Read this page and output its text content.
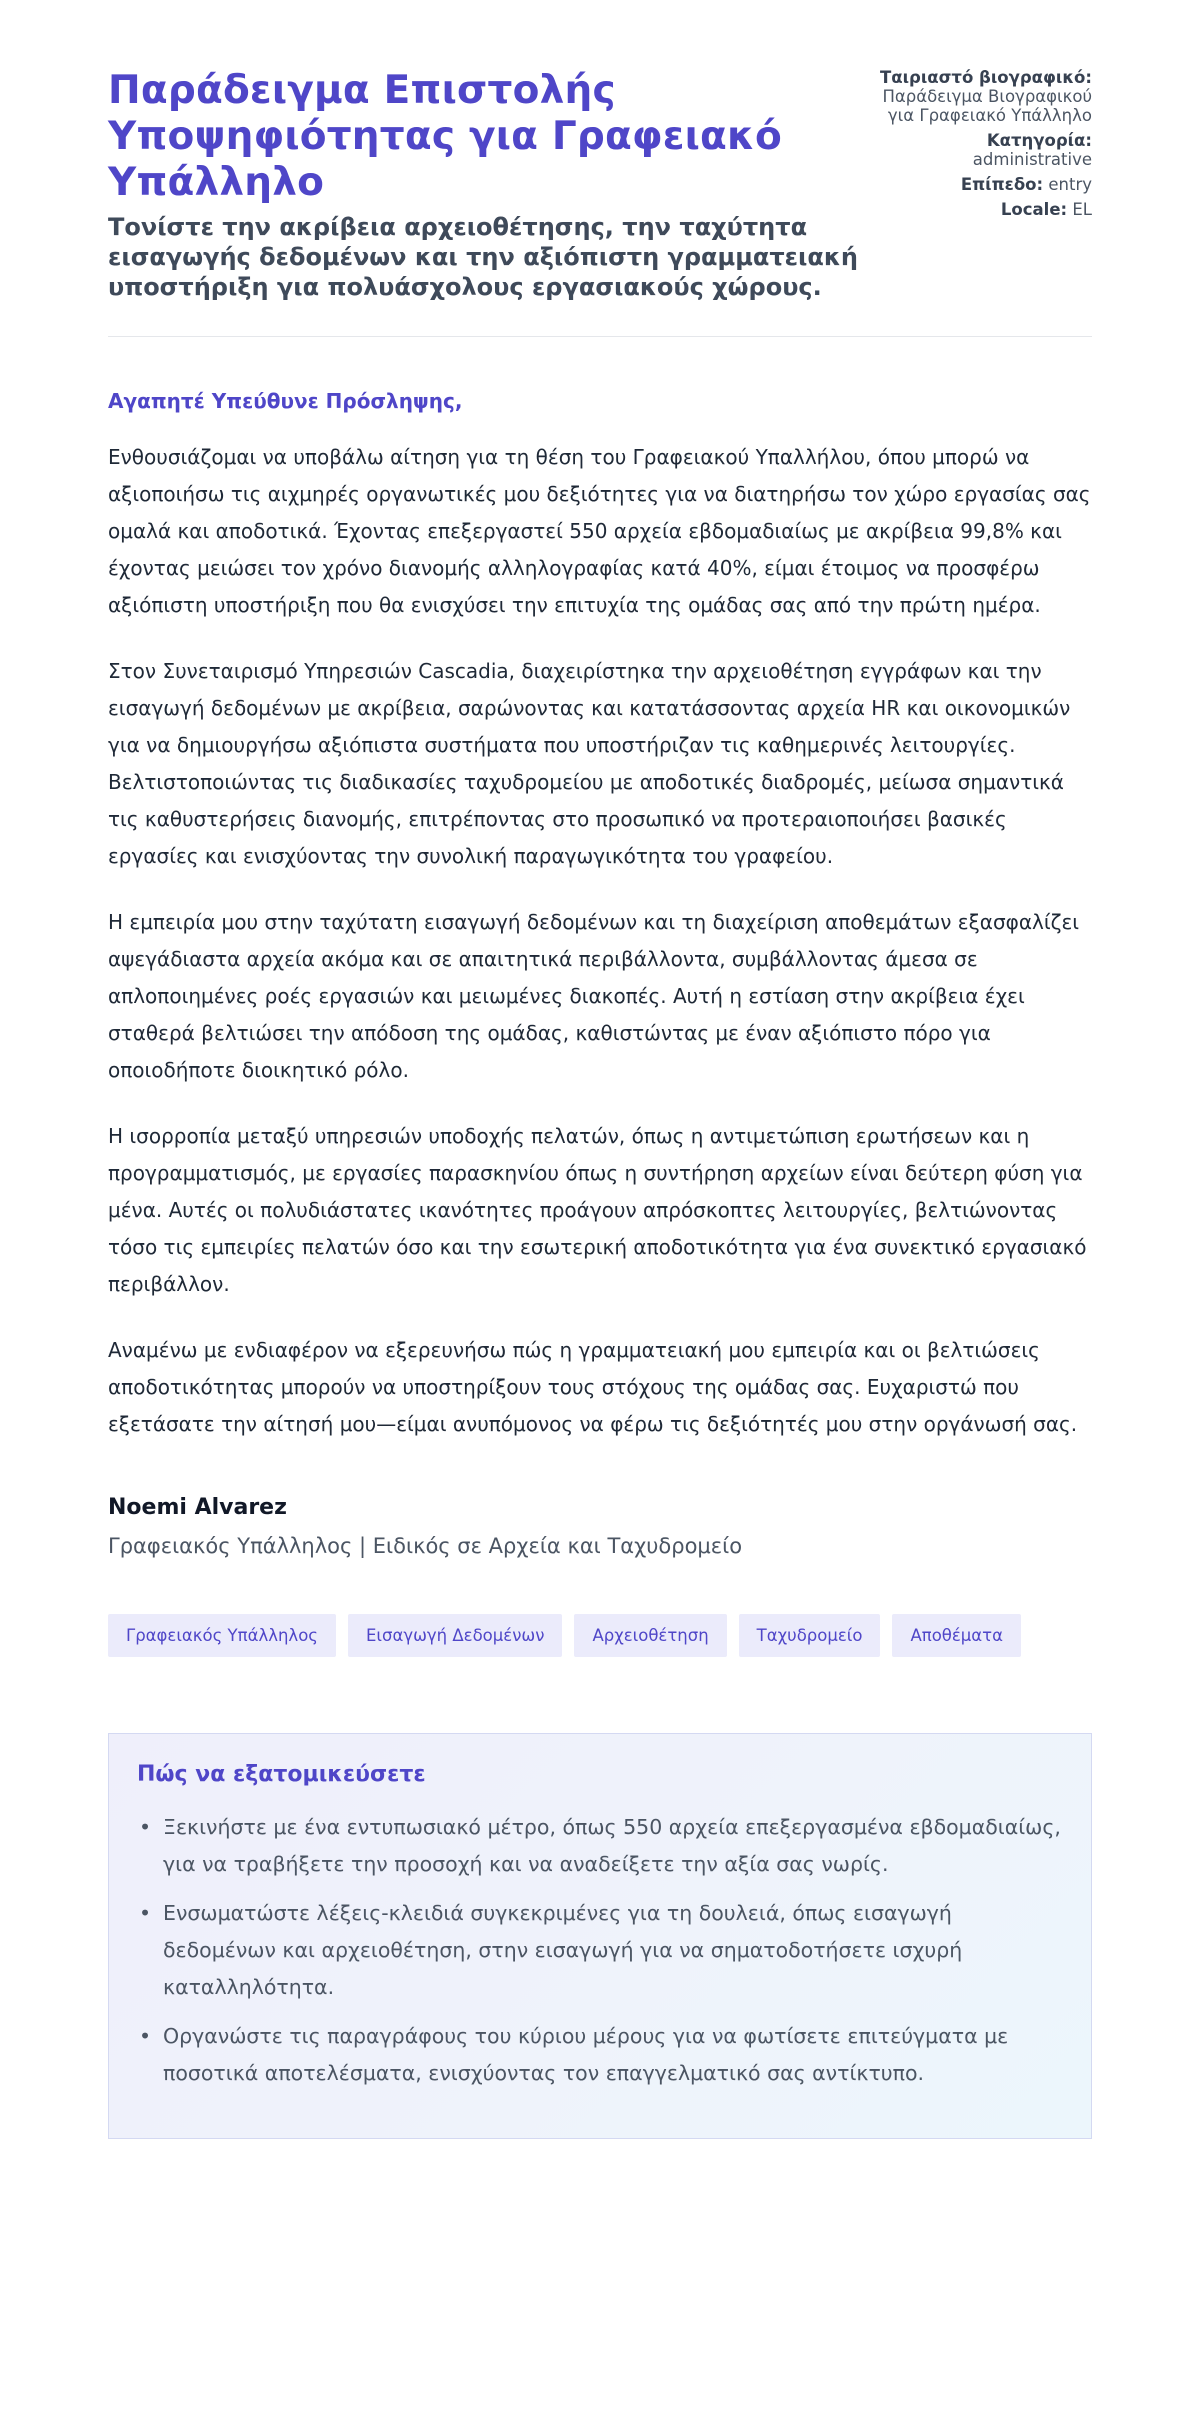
Παράδειγμα Επιστολής Υποψηφιότητας για Γραφειακό Υπάλληλο

Τονίστε την ακρίβεια αρχειοθέτησης, την ταχύτητα εισαγωγής δεδομένων και την αξιόπιστη γραμματειακή υποστήριξη για πολυάσχολους εργασιακούς χώρους.

Ταιριαστό βιογραφικό:
Παράδειγμα Βιογραφικού για Γραφειακό Υπάλληλο
Κατηγορία:
administrative
Επίπεδο: entry
Locale: EL
Αγαπητέ Υπεύθυνε Πρόσληψης,

Ενθουσιάζομαι να υποβάλω αίτηση για τη θέση του Γραφειακού Υπαλλήλου, όπου μπορώ να αξιοποιήσω τις αιχμηρές οργανωτικές μου δεξιότητες για να διατηρήσω τον χώρο εργασίας σας ομαλά και αποδοτικά. Έχοντας επεξεργαστεί 550 αρχεία εβδομαδιαίως με ακρίβεια 99,8% και έχοντας μειώσει τον χρόνο διανομής αλληλογραφίας κατά 40%, είμαι έτοιμος να προσφέρω αξιόπιστη υποστήριξη που θα ενισχύσει την επιτυχία της ομάδας σας από την πρώτη ημέρα.

Στον Συνεταιρισμό Υπηρεσιών Cascadia, διαχειρίστηκα την αρχειοθέτηση εγγράφων και την εισαγωγή δεδομένων με ακρίβεια, σαρώνοντας και κατατάσσοντας αρχεία HR και οικονομικών για να δημιουργήσω αξιόπιστα συστήματα που υποστήριζαν τις καθημερινές λειτουργίες. Βελτιστοποιώντας τις διαδικασίες ταχυδρομείου με αποδοτικές διαδρομές, μείωσα σημαντικά τις καθυστερήσεις διανομής, επιτρέποντας στο προσωπικό να προτεραιοποιήσει βασικές εργασίες και ενισχύοντας την συνολική παραγωγικότητα του γραφείου.

Η εμπειρία μου στην ταχύτατη εισαγωγή δεδομένων και τη διαχείριση αποθεμάτων εξασφαλίζει αψεγάδιαστα αρχεία ακόμα και σε απαιτητικά περιβάλλοντα, συμβάλλοντας άμεσα σε απλοποιημένες ροές εργασιών και μειωμένες διακοπές. Αυτή η εστίαση στην ακρίβεια έχει σταθερά βελτιώσει την απόδοση της ομάδας, καθιστώντας με έναν αξιόπιστο πόρο για οποιοδήποτε διοικητικό ρόλο.

Η ισορροπία μεταξύ υπηρεσιών υποδοχής πελατών, όπως η αντιμετώπιση ερωτήσεων και η προγραμματισμός, με εργασίες παρασκηνίου όπως η συντήρηση αρχείων είναι δεύτερη φύση για μένα. Αυτές οι πολυδιάστατες ικανότητες προάγουν απρόσκοπτες λειτουργίες, βελτιώνοντας τόσο τις εμπειρίες πελατών όσο και την εσωτερική αποδοτικότητα για ένα συνεκτικό εργασιακό περιβάλλον.

Αναμένω με ενδιαφέρον να εξερευνήσω πώς η γραμματειακή μου εμπειρία και οι βελτιώσεις αποδοτικότητας μπορούν να υποστηρίξουν τους στόχους της ομάδας σας. Ευχαριστώ που εξετάσατε την αίτησή μου—είμαι ανυπόμονος να φέρω τις δεξιότητές μου στην οργάνωσή σας.

Noemi Alvarez
Γραφειακός Υπάλληλος | Ειδικός σε Αρχεία και Ταχυδρομείο
Γραφειακός Υπάλληλος	Εισαγωγή Δεδομένων	Αρχειοθέτηση	Ταχυδρομείο	Αποθέματα
Πώς να εξατομικεύσετε
• Ξεκινήστε με ένα εντυπωσιακό μέτρο, όπως 550 αρχεία επεξεργασμένα εβδομαδιαίως, για να τραβήξετε την προσοχή και να αναδείξετε την αξία σας νωρίς.
• Ενσωματώστε λέξεις-κλειδιά συγκεκριμένες για τη δουλειά, όπως εισαγωγή δεδομένων και αρχειοθέτηση, στην εισαγωγή για να σηματοδοτήσετε ισχυρή καταλληλότητα.
• Οργανώστε τις παραγράφους του κύριου μέρους για να φωτίσετε επιτεύγματα με ποσοτικά αποτελέσματα, ενισχύοντας τον επαγγελματικό σας αντίκτυπο.
